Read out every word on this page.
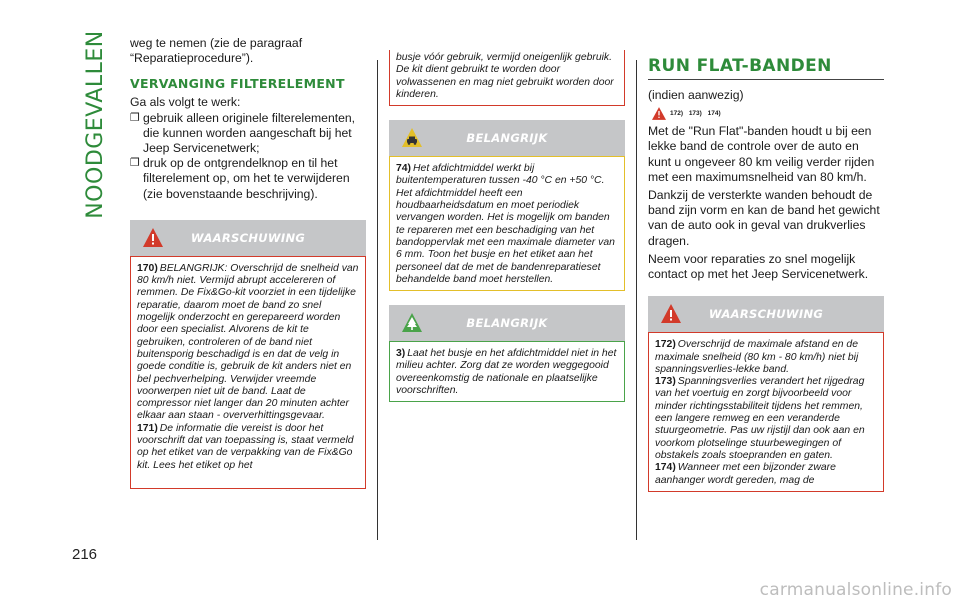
NOODGEVALLEN
216

weg te nemen (zie de paragraaf “Reparatieprocedure”).

VERVANGING FILTERELEMENT

Ga als volgt te werk:

❐ gebruik alleen originele filterelementen, die kunnen worden aangeschaft bij het Jeep Servicenetwerk;
❐ druk op de ontgrendelknop en til het filterelement op, om het te verwijderen (zie bovenstaande beschrijving).
WAARSCHUWING

170) BELANGRIJK: Overschrijd de snelheid van 80 km/h niet. Vermijd abrupt accelereren of remmen. De Fix&Go-kit voorziet in een tijdelijke reparatie, daarom moet de band zo snel mogelijk onderzocht en gerepareerd worden door een specialist. Alvorens de kit te gebruiken, controleren of de band niet buitensporig beschadigd is en dat de velg in goede conditie is, gebruik de kit anders niet en bel pechverhelping. Verwijder vreemde voorwerpen niet uit de band. Laat de compressor niet langer dan 20 minuten achter elkaar aan staan - oververhittingsgevaar.

171) De informatie die vereist is door het voorschrift dat van toepassing is, staat vermeld op het etiket van de verpakking van de Fix&Go kit. Lees het etiket op het

busje vóór gebruik, vermijd oneigenlijk gebruik. De kit dient gebruikt te worden door volwassenen en mag niet gebruikt worden door kinderen.

BELANGRIJK

74) Het afdichtmiddel werkt bij buitentemperaturen tussen -40 °C en +50 °C. Het afdichtmiddel heeft een houdbaarheidsdatum en moet periodiek vervangen worden. Het is mogelijk om banden te repareren met een beschadiging van het bandoppervlak met een maximale diameter van 6 mm. Toon het busje en het etiket aan het personeel dat de met de bandenreparatieset behandelde band moet herstellen.

BELANGRIJK

3) Laat het busje en het afdichtmiddel niet in het milieu achter. Zorg dat ze worden weggegooid overeenkomstig de nationale en plaatselijke voorschriften.

RUN FLAT-BANDEN

(indien aanwezig)

172) 173) 174)

Met de "Run Flat"-banden houdt u bij een lekke band de controle over de auto en kunt u ongeveer 80 km veilig verder rijden met een maximumsnelheid van 80 km/h.

Dankzij de versterkte wanden behoudt de band zijn vorm en kan de band het gewicht van de auto ook in geval van drukverlies dragen.

Neem voor reparaties zo snel mogelijk contact op met het Jeep Servicenetwerk.

WAARSCHUWING

172) Overschrijd de maximale afstand en de maximale snelheid (80 km - 80 km/h) niet bij spanningsverlies-lekke band.

173) Spanningsverlies verandert het rijgedrag van het voertuig en zorgt bijvoorbeeld voor minder richtingsstabiliteit tijdens het remmen, een langere remweg en een veranderde stuurgeometrie. Pas uw rijstijl dan ook aan en voorkom plotselinge stuurbewegingen of obstakels zoals stoepranden en gaten.

174) Wanneer met een bijzonder zware aanhanger wordt gereden, mag de

carmanualsonline.info
